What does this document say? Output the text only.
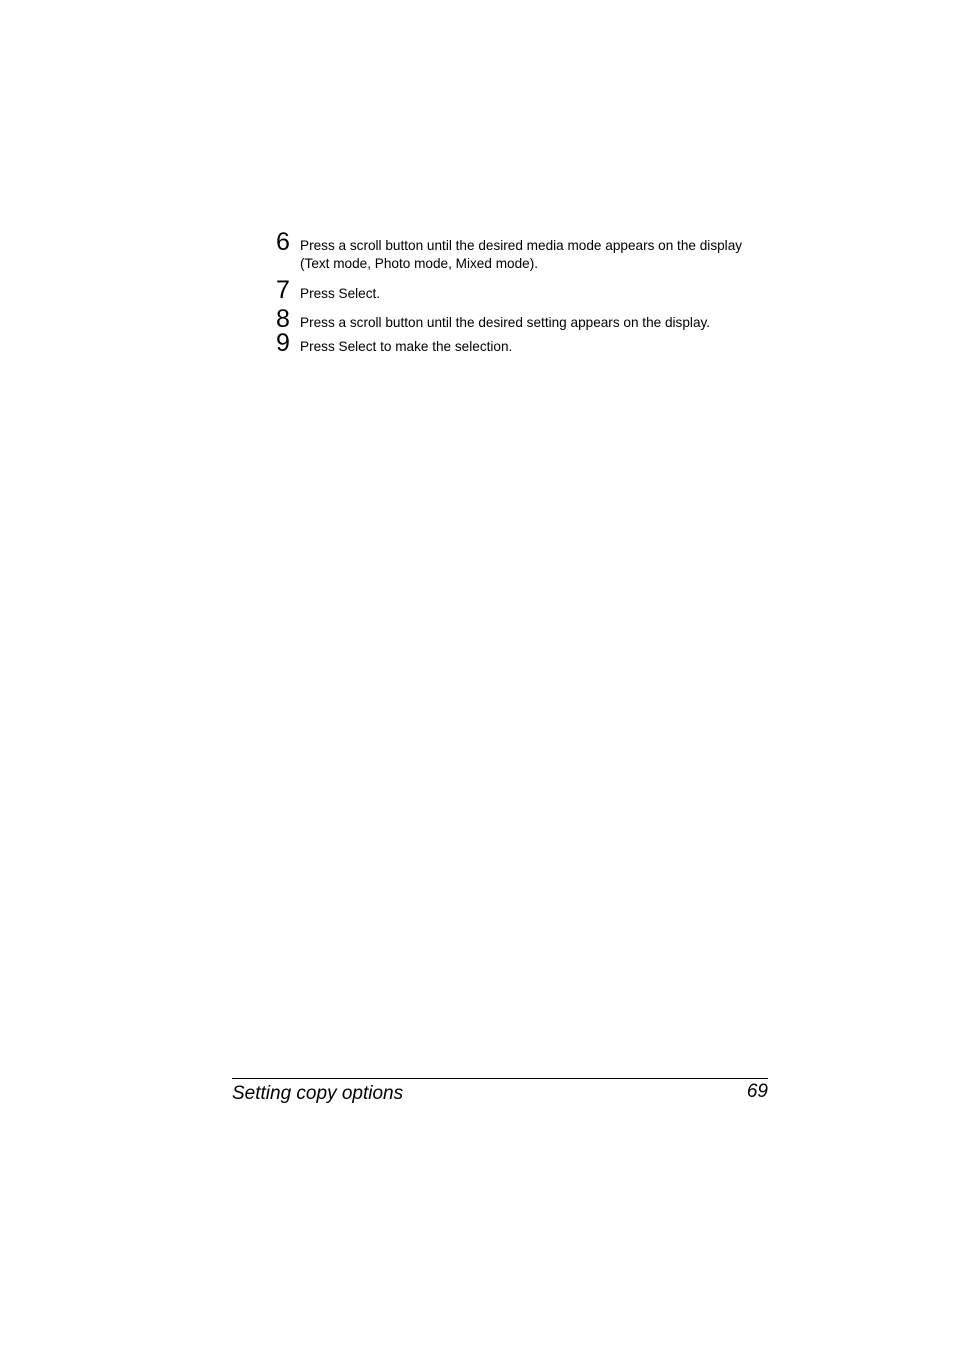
6 Press a scroll button until the desired media mode appears on the display
(Text mode, Photo mode, Mixed mode).
7 Press Select.
8 Press a scroll button until the desired setting appears on the display.
9 Press Select to make the selection.
Setting copy options	69
